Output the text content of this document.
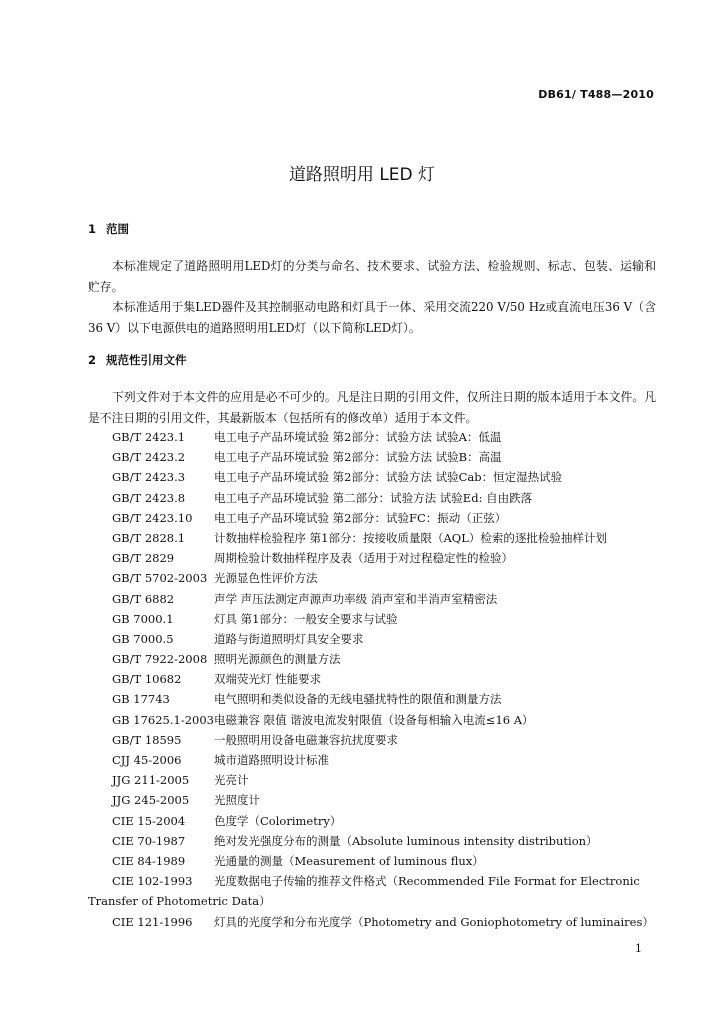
DB61/ T488—2010
道路照明用 LED 灯
1 范围
本标准规定了道路照明用LED灯的分类与命名、技术要求、试验方法、检验规则、标志、包装、运输和贮存。
本标准适用于集LED器件及其控制驱动电路和灯具于一体、采用交流220 V/50 Hz或直流电压36 V（含36 V）以下电源供电的道路照明用LED灯（以下简称LED灯）。
2 规范性引用文件
下列文件对于本文件的应用是必不可少的。凡是注日期的引用文件，仅所注日期的版本适用于本文件。凡是不注日期的引用文件，其最新版本（包括所有的修改单）适用于本文件。
GB/T 2423.1	电工电子产品环境试验 第2部分：试验方法 试验A：低温
GB/T 2423.2	电工电子产品环境试验 第2部分：试验方法 试验B：高温
GB/T 2423.3	电工电子产品环境试验 第2部分：试验方法 试验Cab：恒定湿热试验
GB/T 2423.8	电工电子产品环境试验 第二部分：试验方法 试验Ed: 自由跌落
GB/T 2423.10	电工电子产品环境试验 第2部分：试验FC：振动（正弦）
GB/T 2828.1	计数抽样检验程序 第1部分：按接收质量限（AQL）检索的逐批检验抽样计划
GB/T 2829	周期检验计数抽样程序及表（适用于对过程稳定性的检验）
GB/T 5702-2003 光源显色性评价方法
GB/T 6882	声学 声压法测定声源声功率级 消声室和半消声室精密法
GB 7000.1	灯具 第1部分：一般安全要求与试验
GB 7000.5	道路与街道照明灯具安全要求
GB/T 7922-2008 照明光源颜色的测量方法
GB/T 10682	双端荧光灯 性能要求
GB 17743	电气照明和类似设备的无线电骚扰特性的限值和测量方法
GB 17625.1-2003 电磁兼容 限值 谐波电流发射限值（设备每相输入电流≤16 A）
GB/T 18595	一般照明用设备电磁兼容抗扰度要求
CJJ 45-2006	城市道路照明设计标准
JJG 211-2005	光亮计
JJG 245-2005	光照度计
CIE 15-2004	色度学（Colorimetry）
CIE 70-1987	绝对发光强度分布的测量（Absolute luminous intensity distribution）
CIE 84-1989	光通量的测量（Measurement of luminous flux）
CIE 102-1993	光度数据电子传输的推荐文件格式（Recommended File Format for Electronic
Transfer of Photometric Data）
CIE 121-1996	灯具的光度学和分布光度学（Photometry and Goniophotometry of luminaires）
1
